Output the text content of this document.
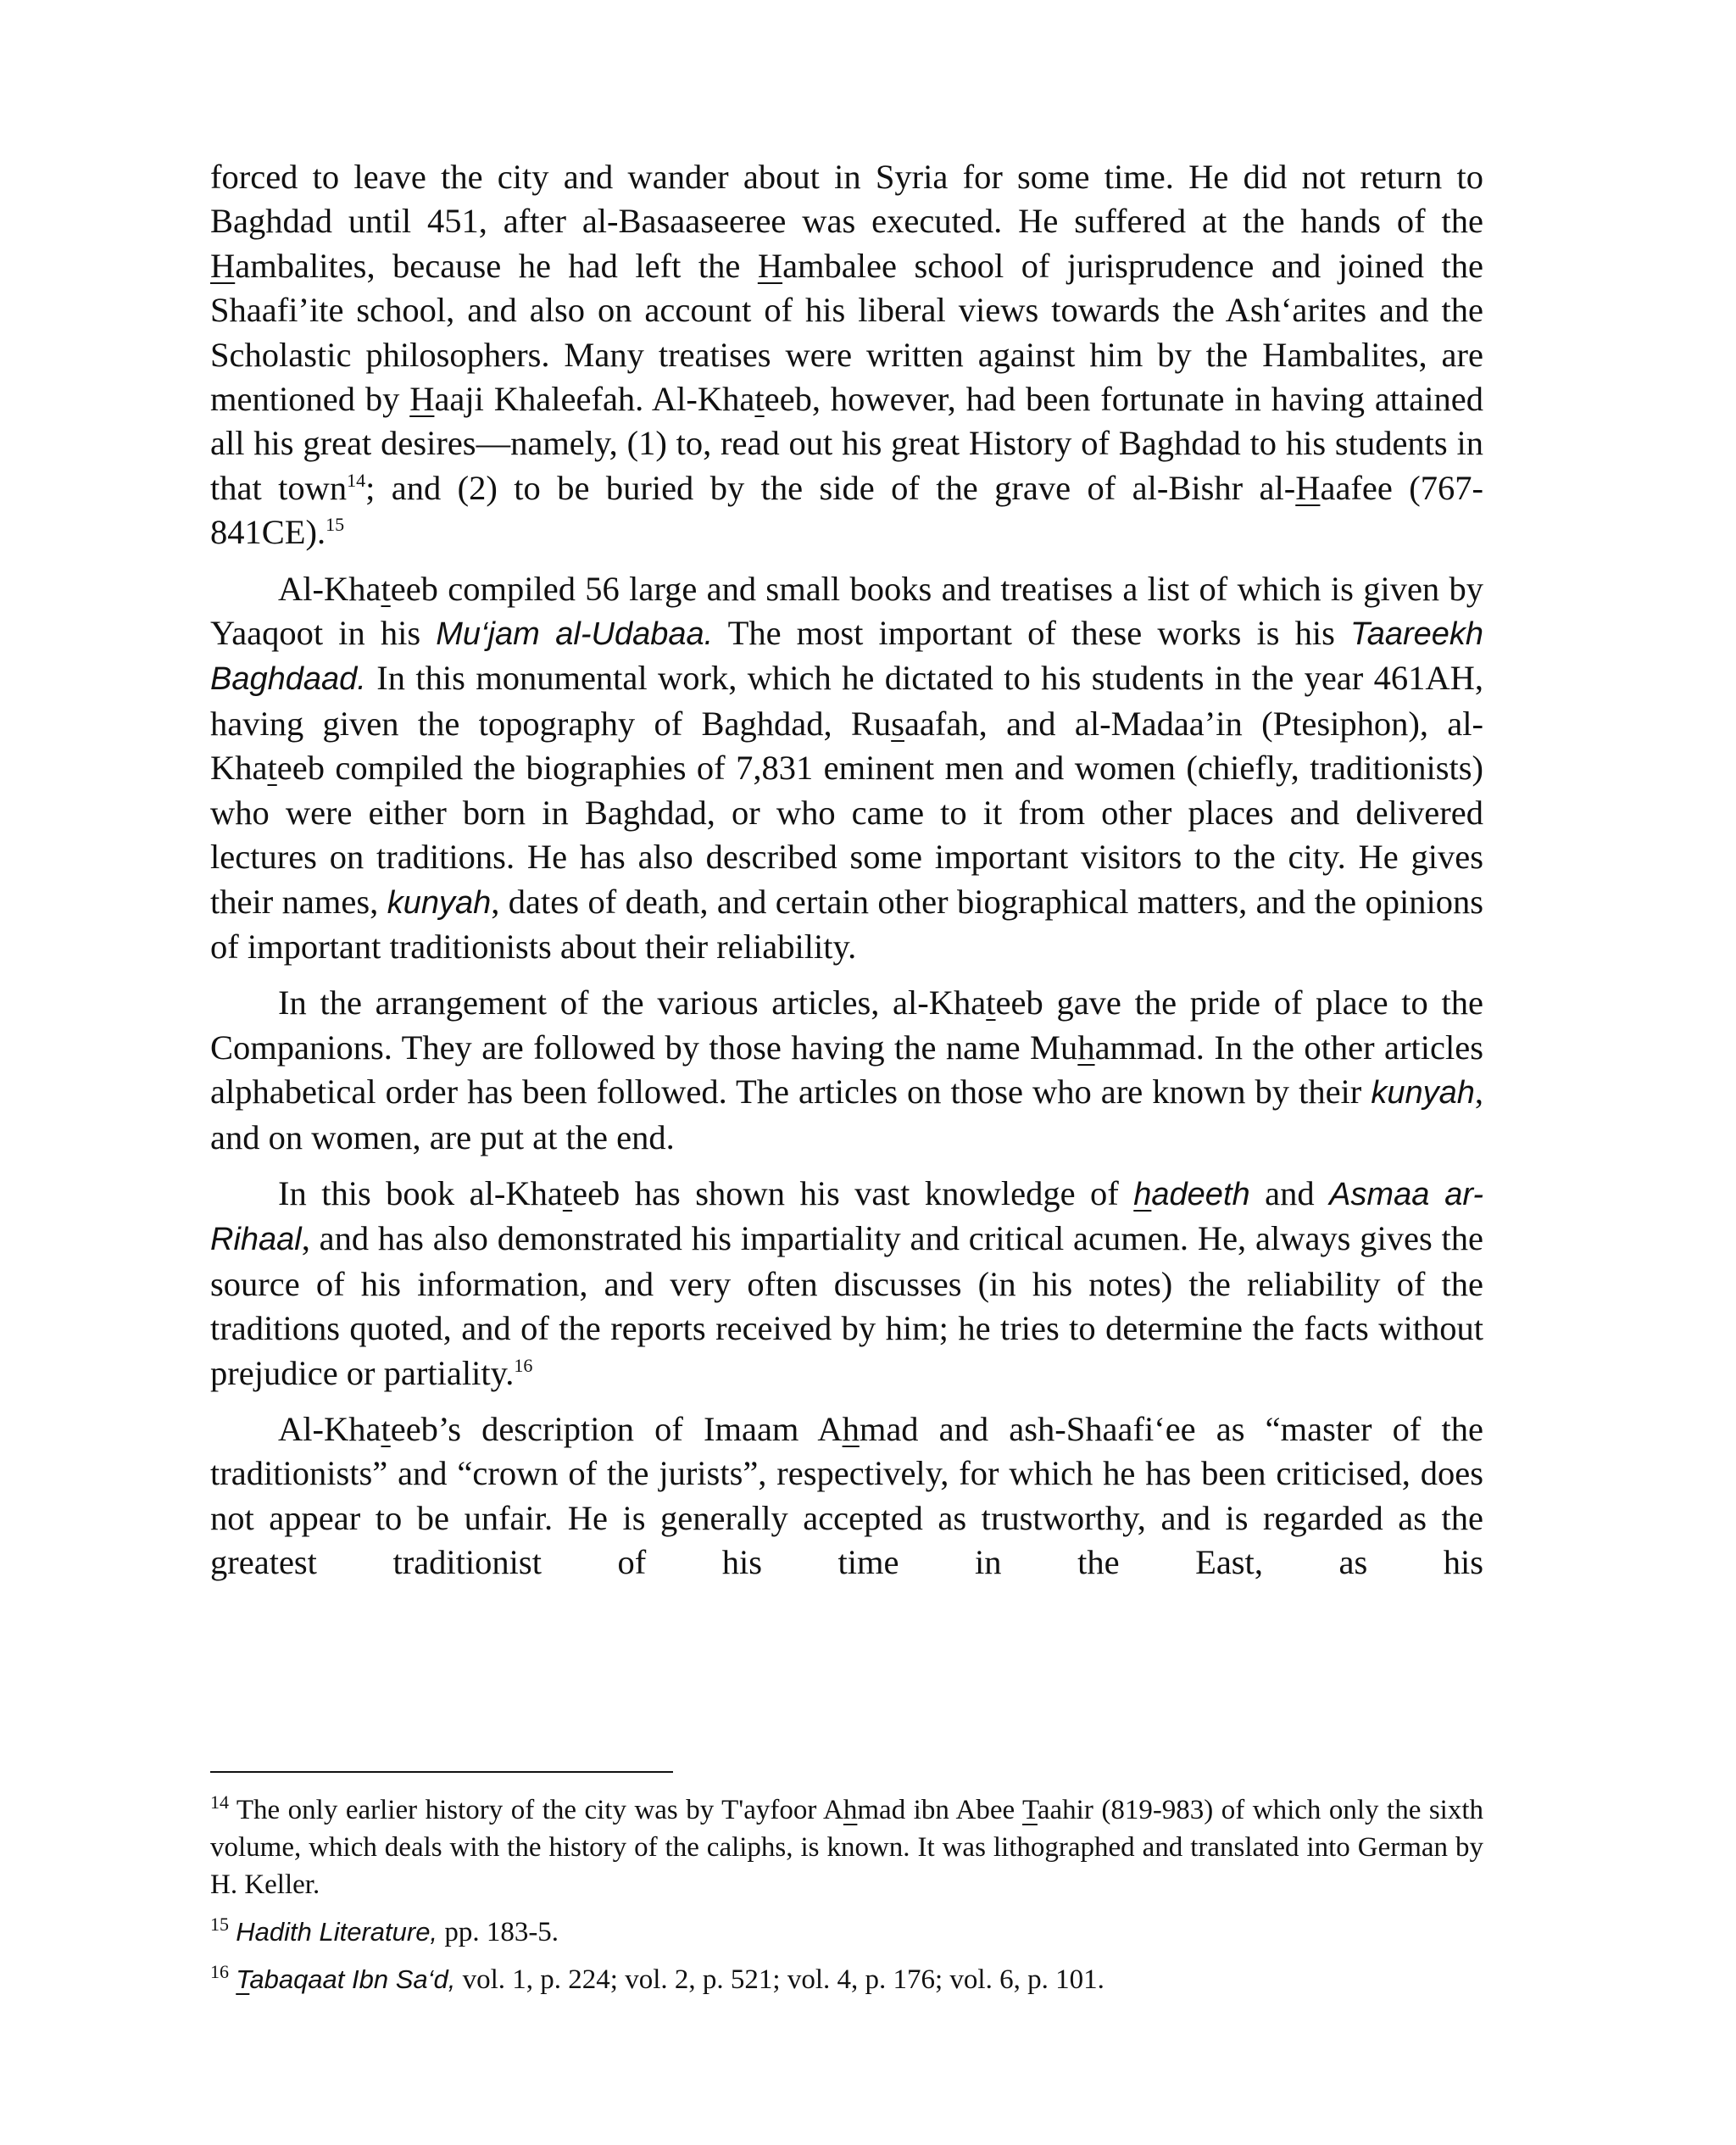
forced to leave the city and wander about in Syria for some time. He did not return to Baghdad until 451, after al-Basaaseeree was executed. He suffered at the hands of the Hambalites, because he had left the Hambalee school of jurisprudence and joined the Shaafi’ite school, and also on account of his liberal views towards the Ash‘arites and the Scholastic philosophers. Many treatises were written against him by the Hambalites, are mentioned by Haaji Khaleefah. Al-Khateeb, however, had been fortunate in having attained all his great desires—namely, (1) to, read out his great History of Baghdad to his students in that town$^{14}$; and (2) to be buried by the side of the grave of al-Bishr al-Haafee (767-841CE).$^{15}$

Al-Khateeb compiled 56 large and small books and treatises a list of which is given by Yaaqoot in his Mu‘jam al-Udabaa. The most important of these works is his Taareekh Baghdaad. In this monumental work, which he dictated to his students in the year 461AH, having given the topography of Baghdad, Rusaafah, and al-Madaa’in (Ptesiphon), al-Khateeb compiled the biographies of 7,831 eminent men and women (chiefly, traditionists) who were either born in Baghdad, or who came to it from other places and delivered lectures on traditions. He has also described some important visitors to the city. He gives their names, kunyah, dates of death, and certain other biographical matters, and the opinions of important traditionists about their reliability.

In the arrangement of the various articles, al-Khateeb gave the pride of place to the Companions. They are followed by those having the name Muhammad. In the other articles alphabetical order has been followed. The articles on those who are known by their kunyah, and on women, are put at the end.

In this book al-Khateeb has shown his vast knowledge of hadeeth and Asmaa ar-Rihaal, and has also demonstrated his impartiality and critical acumen. He, always gives the source of his information, and very often discusses (in his notes) the reliability of the traditions quoted, and of the reports received by him; he tries to determine the facts without prejudice or partiality.$^{16}$

Al-Khateeb’s description of Imaam Ahmad and ash-Shaafi‘ee as “master of the traditionists” and “crown of the jurists”, respectively, for which he has been criticised, does not appear to be unfair. He is generally accepted as trustworthy, and is regarded as the greatest traditionist of his time in the East, as his

$^{14}$ The only earlier history of the city was by T'ayfoor Ahmad ibn Abee Taahir (819-983) of which only the sixth volume, which deals with the history of the caliphs, is known. It was lithographed and translated into German by H. Keller.

$^{15}$ Hadith Literature, pp. 183-5.

$^{16}$ Tabaqaat Ibn Sa‘d, vol. 1, p. 224; vol. 2, p. 521; vol. 4, p. 176; vol. 6, p. 101.
